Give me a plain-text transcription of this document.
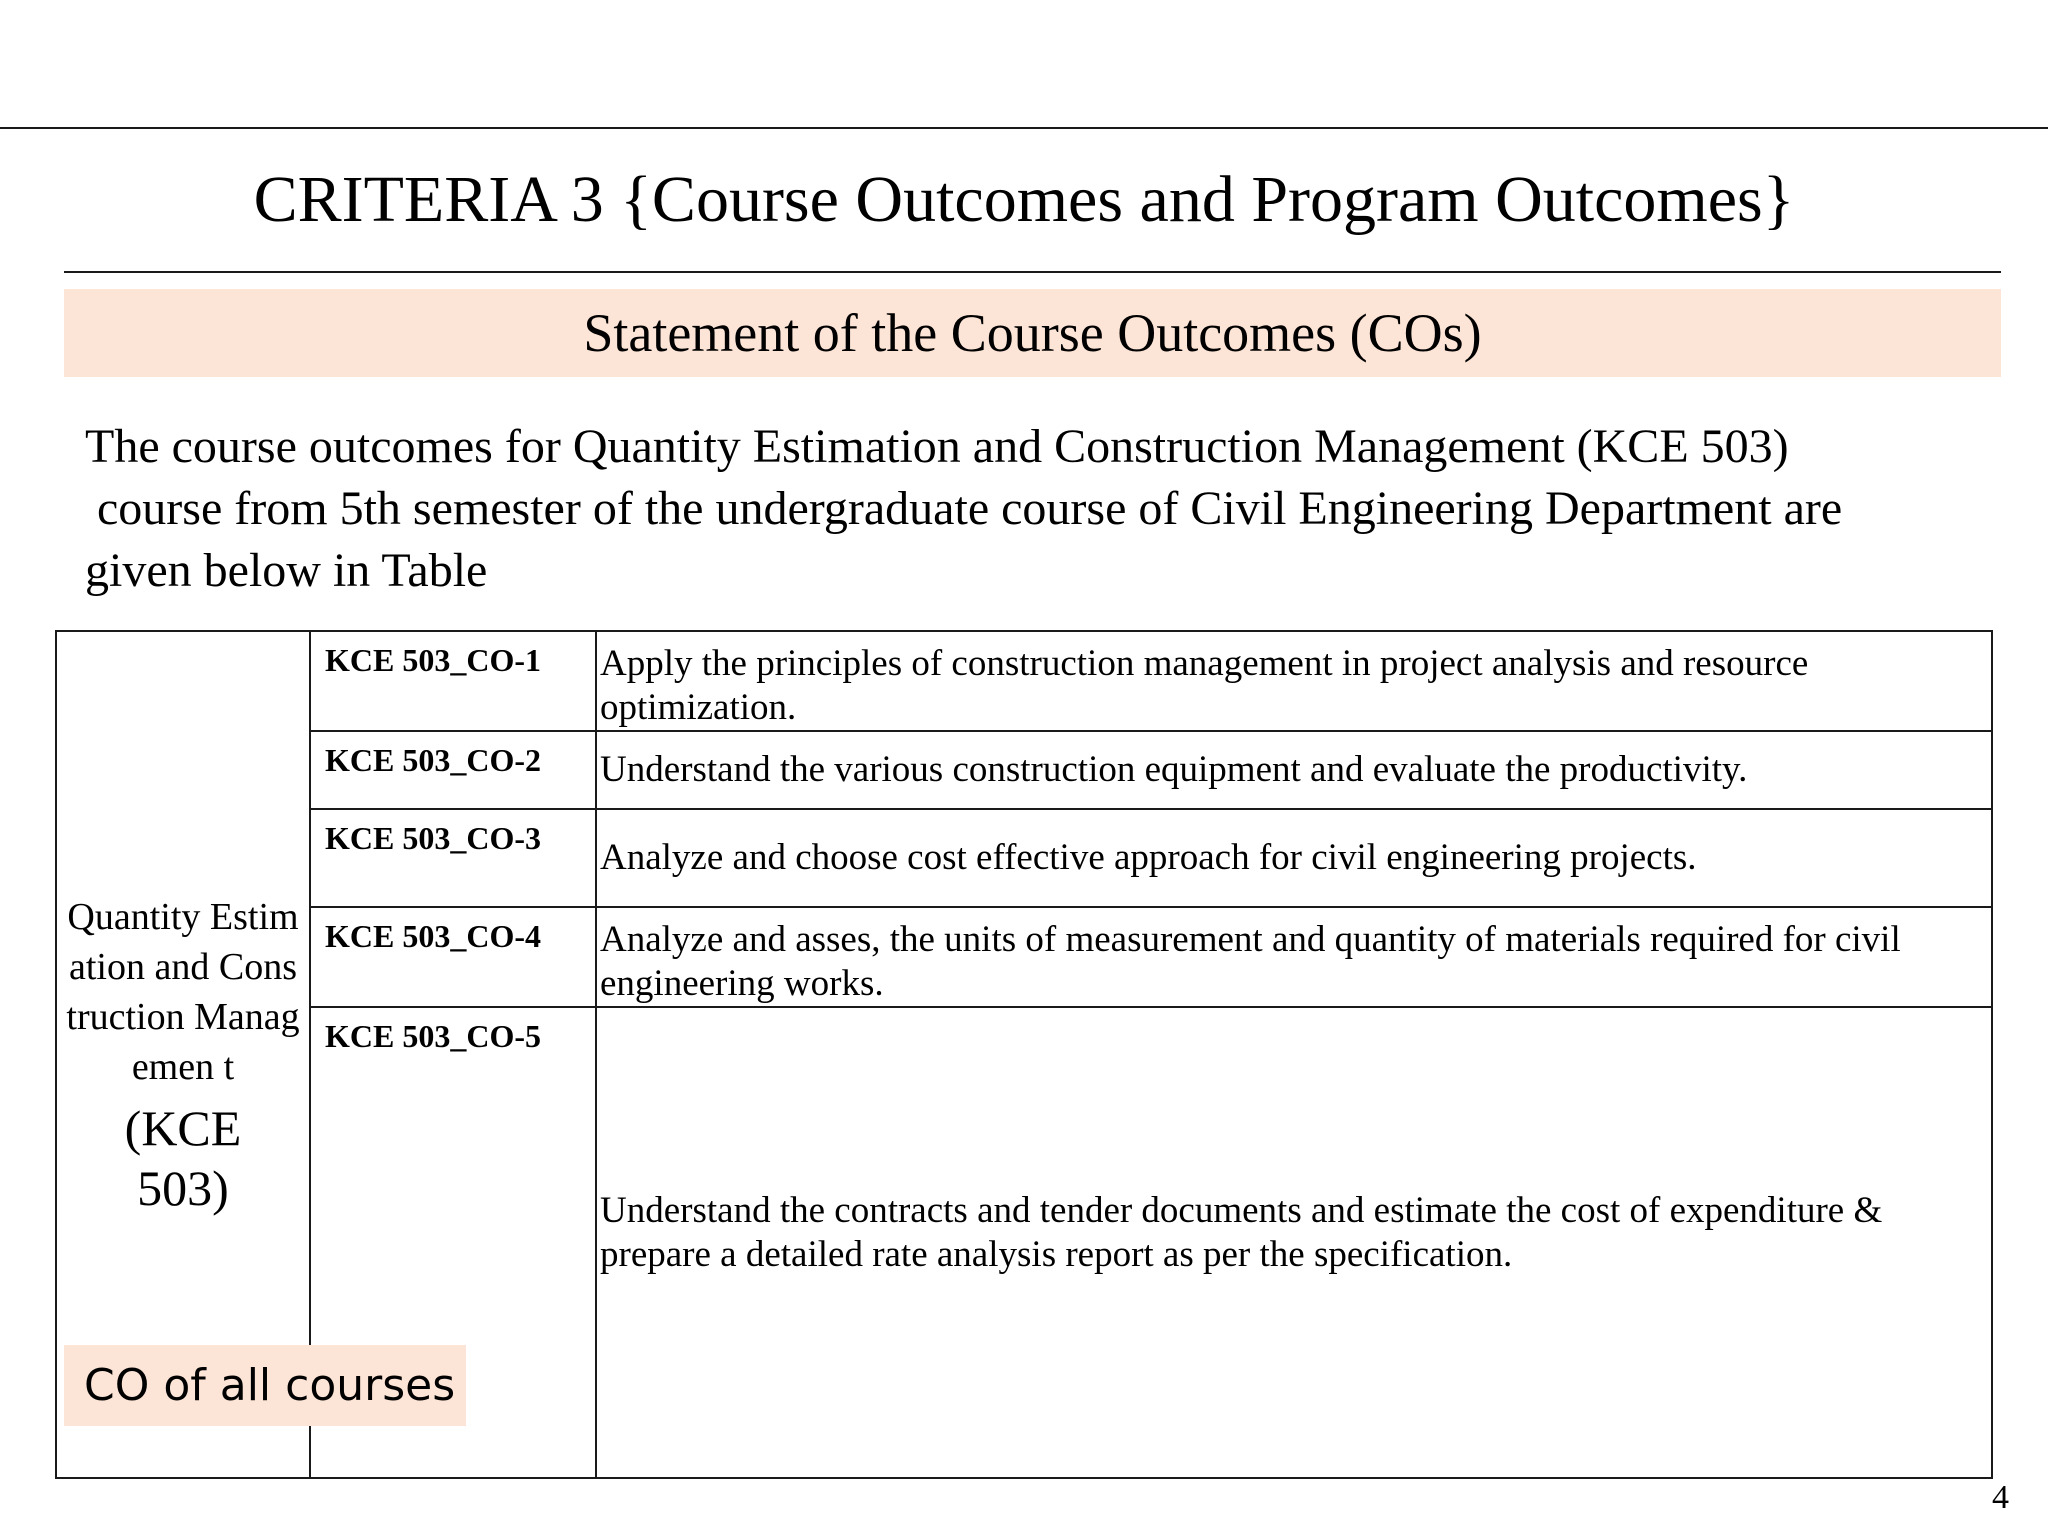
CRITERIA 3 {Course Outcomes and Program Outcomes}
Statement of the Course Outcomes (COs)
The course outcomes for Quantity Estimation and Construction Management (KCE 503)
course from 5th semester of the undergraduate course of Civil Engineering Department are
given below in Table
Quantity Estimation and Construction Managemen t
(KCE 503)	KCE 503_CO-1	Apply the principles of construction management in project analysis and resource optimization.
	KCE 503_CO-2	Understand the various construction equipment and evaluate the productivity.
	KCE 503_CO-3	Analyze and choose cost effective approach for civil engineering projects.
	KCE 503_CO-4	Analyze and asses, the units of measurement and quantity of materials required for civil engineering works.
	KCE 503_CO-5	Understand the contracts and tender documents and estimate the cost of expenditure & prepare a detailed rate analysis report as per the specification.
CO of all courses
4
